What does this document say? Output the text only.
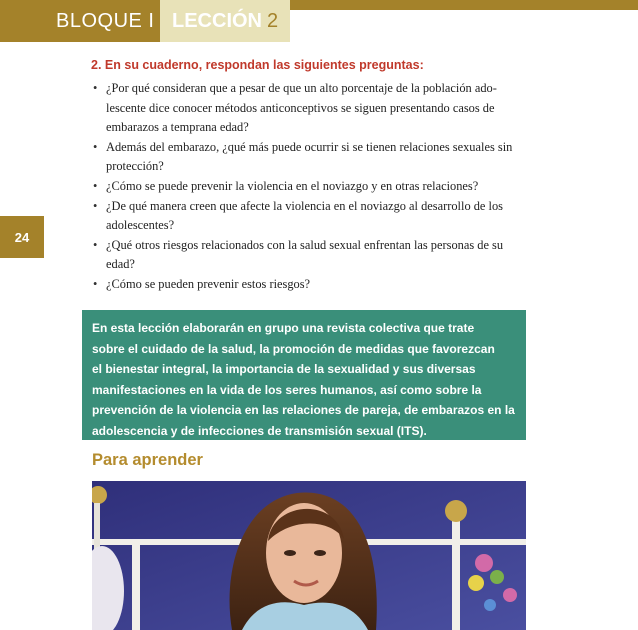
BLOQUE I LECCIÓN 2
24
2. En su cuaderno, respondan las siguientes preguntas:
• ¿Por qué consideran que a pesar de que un alto porcentaje de la población ado-lescente dice conocer métodos anticonceptivos se siguen presentando casos de embarazos a temprana edad?
• Además del embarazo, ¿qué más puede ocurrir si se tienen relaciones sexuales sin protección?
• ¿Cómo se puede prevenir la violencia en el noviazgo y en otras relaciones?
• ¿De qué manera creen que afecte la violencia en el noviazgo al desarrollo de los adolescentes?
• ¿Qué otros riesgos relacionados con la salud sexual enfrentan las personas de su edad?
• ¿Cómo se pueden prevenir estos riesgos?
En esta lección elaborarán en grupo una revista colectiva que trate
sobre el cuidado de la salud, la promoción de medidas que favorezcan
el bienestar integral, la importancia de la sexualidad y sus diversas
manifestaciones en la vida de los seres humanos, así como sobre la
prevención de la violencia en las relaciones de pareja, de embarazos en la
adolescencia y de infecciones de transmisión sexual (ITS).
Para aprender
